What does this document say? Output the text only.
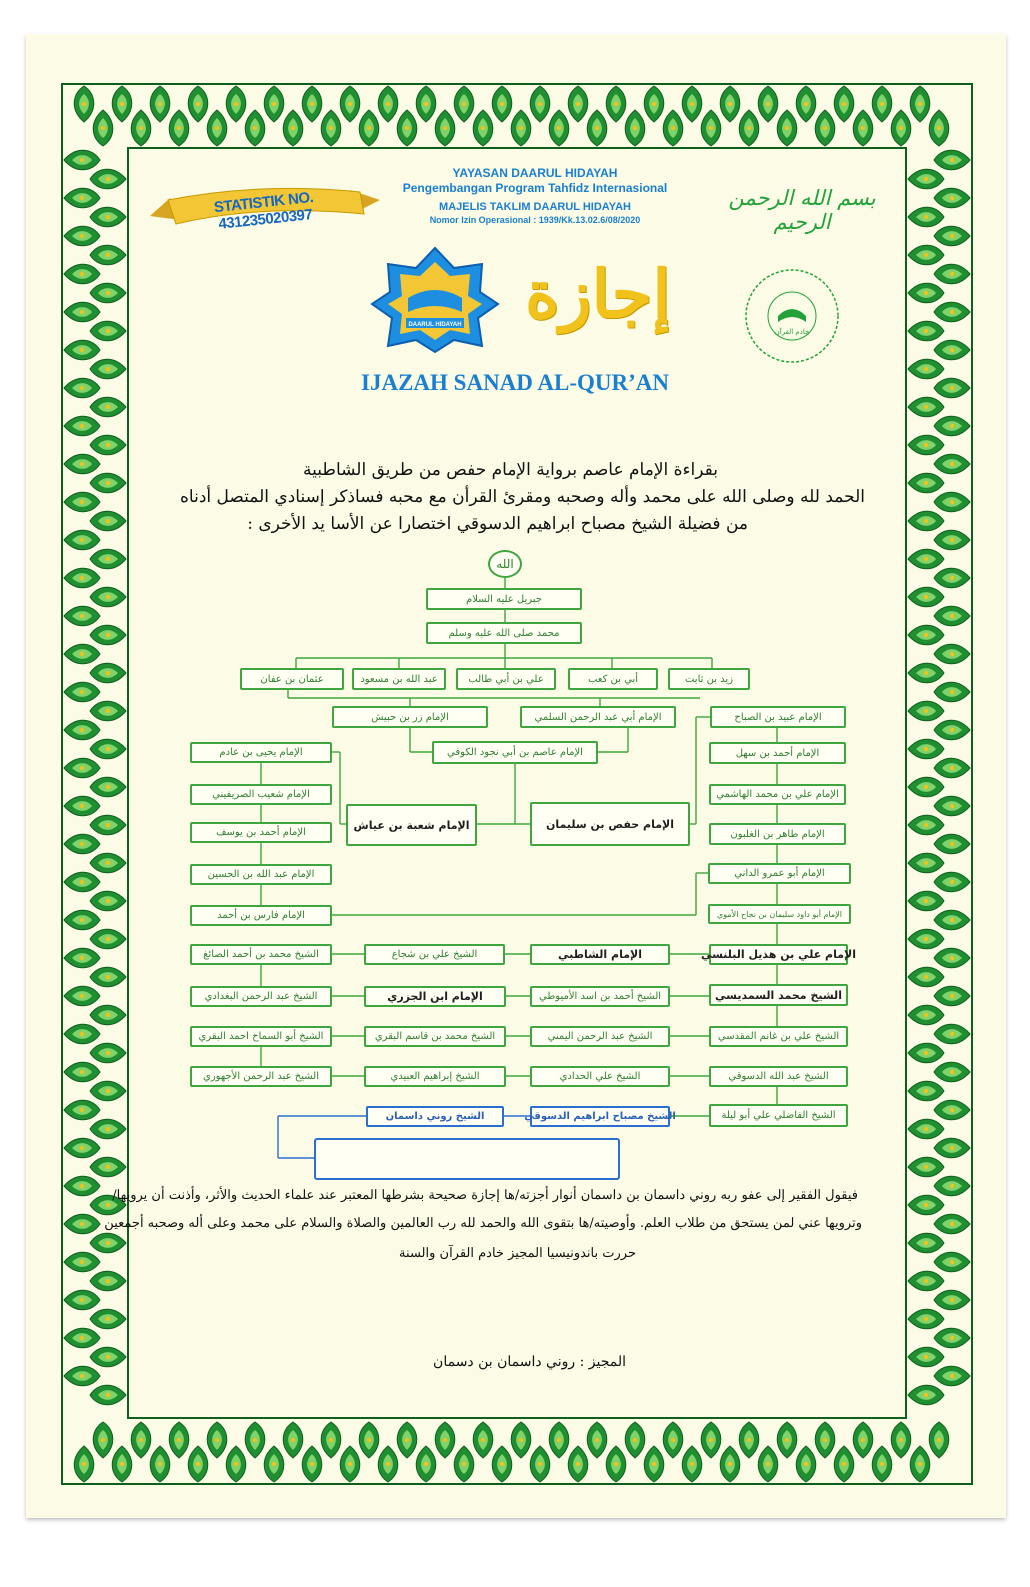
YAYASAN DAARUL HIDAYAH
Pengembangan Program Tahfidz Internasional
MAJELIS TAKLIM DAARUL HIDAYAH
Nomor Izin Operasional : 1939/Kk.13.02.6/08/2020
STATISTIK NO. 431235020397
بسم الله الرحمن الرحيم
DAARUL HIDAYAH إجازة	خادم القرآن
IJAZAH SANAD AL-QUR’AN
بقراءة الإمام عاصم برواية الإمام حفص من طريق الشاطبية
الحمد لله وصلى الله على محمد وأله وصحبه ومقرئ القرأن مع محبه فساذكر إسنادي المتصل أدناه
من فضيلة الشيخ مصباح ابراهيم الدسوقي اختصارا عن الأسا يد الأخرى :
الله
جبريل عليه السلام
محمد صلى الله عليه وسلم
زيد بن ثابت
أبي بن كعب
علي بن أبي طالب
عبد الله بن مسعود
عثمان بن عفان
الإمام زر بن حبيش	الإمام أبي عبد الرحمن السلمي
الإمام عاصم بن أبي نجود الكوفي
الإمام شعبة بن عياش	الإمام حفص بن سليمان
الإمام يحيى بن عادم
الإمام شعيب الصريفيني
الإمام أحمد بن يوسف
الإمام عبد الله بن الحسين
الإمام فارس بن أحمد
الإمام عبيد بن الصباح
الإمام أحمد بن سهل
الإمام علي بن محمد الهاشمي
الإمام طاهر بن الغلبون
الإمام أبو عمرو الداني
الإمام أبو داود سليمان بن نجاح الأموي
الإمام علي بن هذيل البلنسي
الشيخ محمد السمديسي
الشيخ علي بن غانم المقدسي
الشيخ عبد الله الدسوقي
الشيخ الفاضلي علي أبو ليلة
الإمام الشاطبي
الشيخ علي بن شجاع
الشيخ محمد بن أحمد الصائغ
الشيخ أحمد بن اسد الأميوطي
الإمام ابن الجزري
الشيخ عبد الرحمن البغدادي
الشيخ عبد الرحمن اليمني
الشيخ محمد بن قاسم البقري
الشيخ أبو السماح احمد البقري
الشيخ علي الحدادي
الشيخ إبراهيم العبيدي
الشيخ عبد الرحمن الأجهوري
الشيخ مصباح ابراهيم الدسوقي
الشيخ روني داسمان
فيقول الفقير إلى عفو ربه روني داسمان بن داسمان أنوار أجزته/ها إجازة صحيحة بشرطها المعتبر عند علماء الحديث والأثر، وأذنت أن يرويها/
وترويها عني لمن يستحق من طلاب العلم. وأوصيته/ها بتقوى الله والحمد لله رب العالمين والصلاة والسلام على محمد وعلى أله وصحبه أجمعين
حررت باندونيسيا المجيز خادم القرآن والسنة
المجيز : روني داسمان بن دسمان
